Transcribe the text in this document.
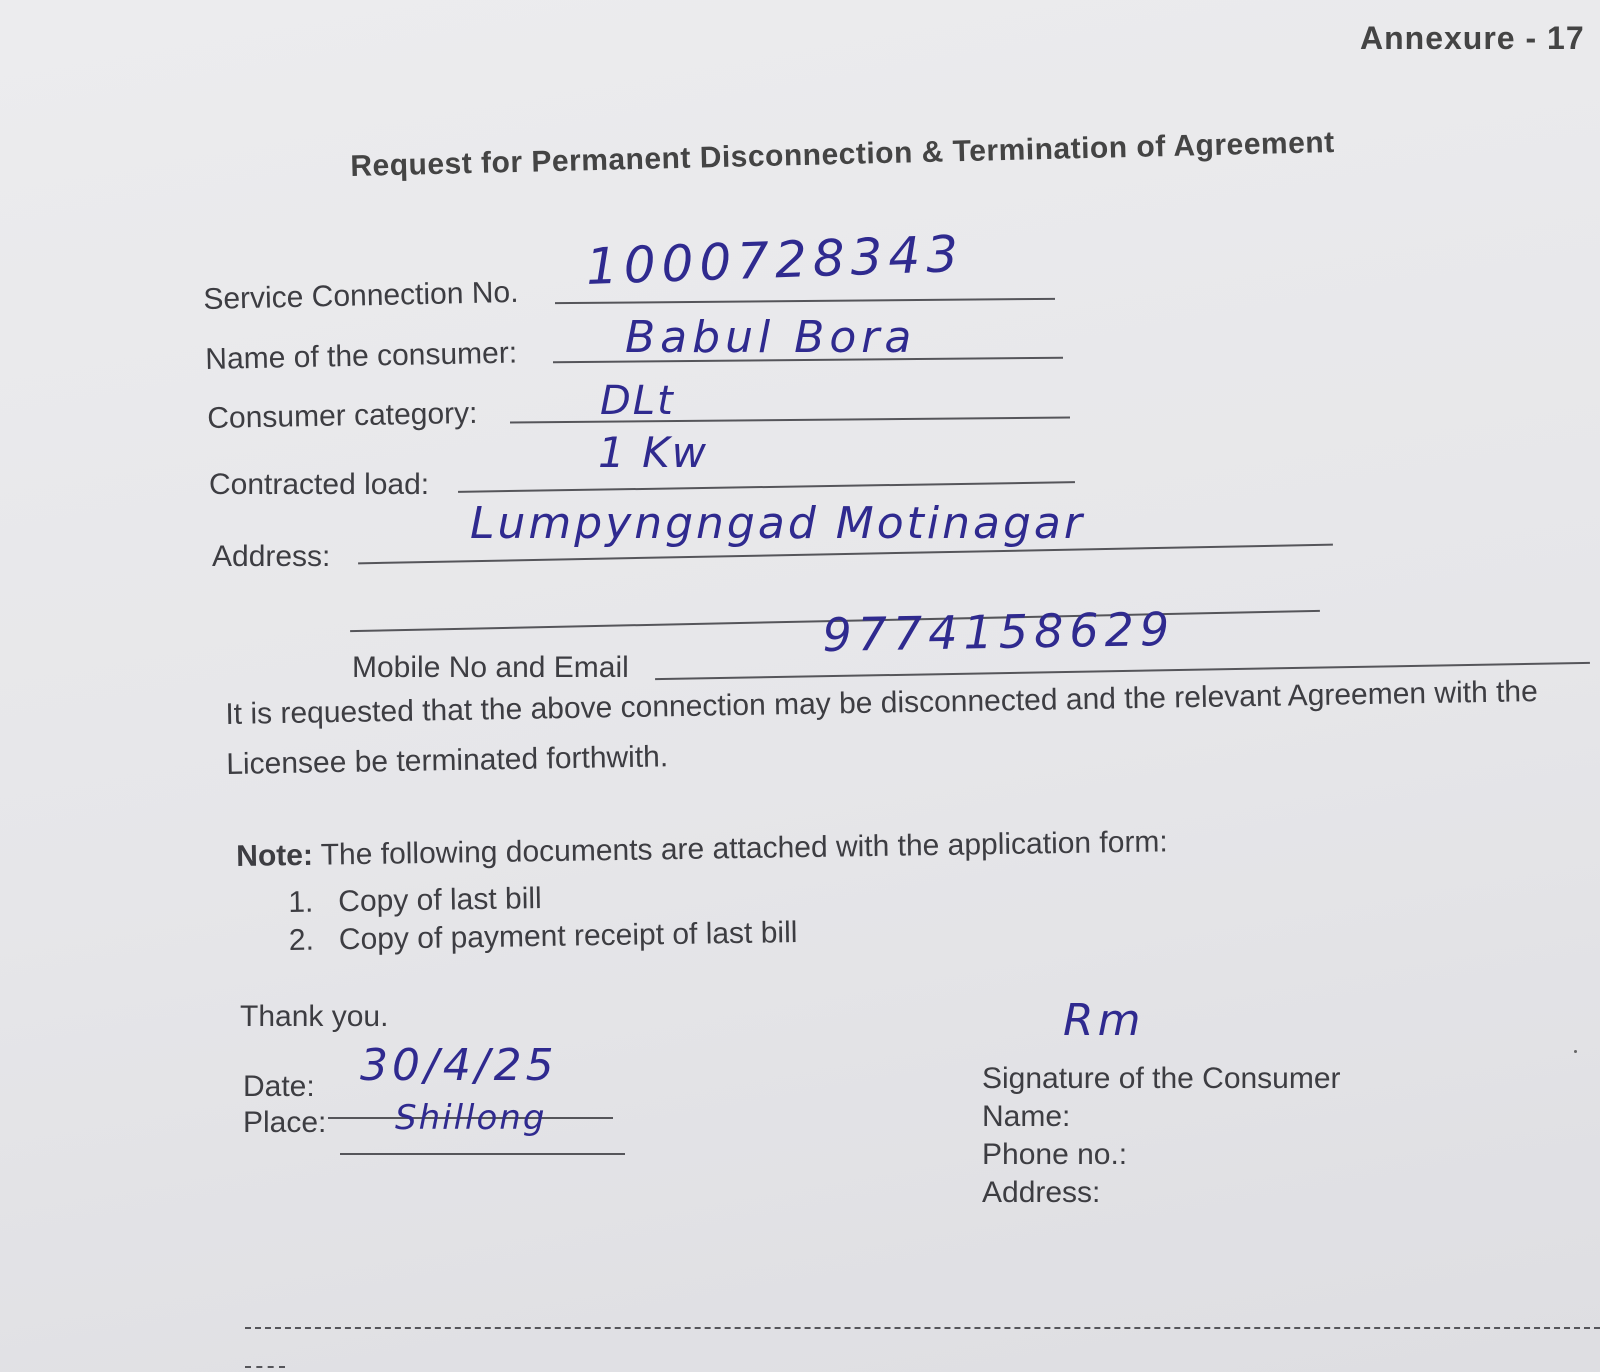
Annexure - 17
Request for Permanent Disconnection & Termination of Agreement
Service Connection No. 1000728343
Name of the consumer: Babul Bora
Consumer category:	DLt
Contracted load:
1 Kw
Address:
Lumpyngngad Motinagar
Mobile No and Email
9774158629
It is requested that the above connection may be disconnected and the relevant Agreemen with the Licensee be terminated forthwith.
Note: The following documents are attached with the application form:
1. Copy of last bill
2. Copy of payment receipt of last bill
Thank you.
Date: 30/4/25
Place: Shillong
Rm
Signature of the Consumer
Name:
Phone no.:
Address:
